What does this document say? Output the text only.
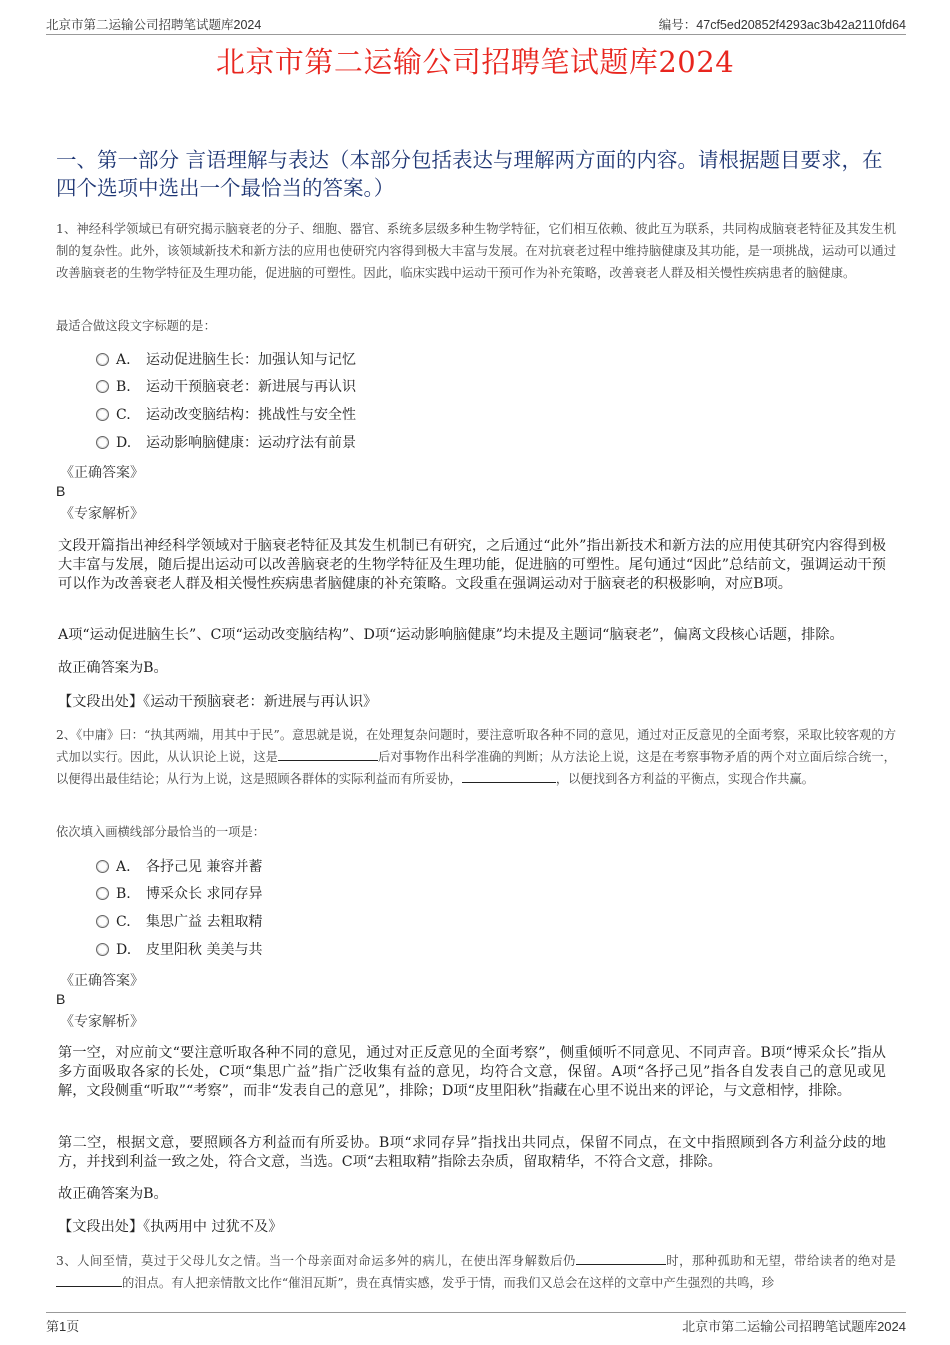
北京市第二运输公司招聘笔试题库2024	编号：47cf5ed20852f4293ac3b42a2110fd64
北京市第二运输公司招聘笔试题库2024
一、第一部分 言语理解与表达（本部分包括表达与理解两方面的内容。请根据题目要求，在四个选项中选出一个最恰当的答案。）
1、神经科学领域已有研究揭示脑衰老的分子、细胞、器官、系统多层级多种生物学特征，它们相互依赖、彼此互为联系，共同构成脑衰老特征及其发生机制的复杂性。此外，该领域新技术和新方法的应用也使研究内容得到极大丰富与发展。在对抗衰老过程中维持脑健康及其功能，是一项挑战，运动可以通过改善脑衰老的生物学特征及生理功能，促进脑的可塑性。因此，临床实践中运动干预可作为补充策略，改善衰老人群及相关慢性疾病患者的脑健康。
最适合做这段文字标题的是：
A. 运动促进脑生长：加强认知与记忆
B. 运动干预脑衰老：新进展与再认识
C. 运动改变脑结构：挑战性与安全性
D. 运动影响脑健康：运动疗法有前景
《正确答案》
B
《专家解析》
文段开篇指出神经科学领域对于脑衰老特征及其发生机制已有研究，之后通过“此外”指出新技术和新方法的应用使其研究内容得到极大丰富与发展，随后提出运动可以改善脑衰老的生物学特征及生理功能，促进脑的可塑性。尾句通过“因此”总结前文，强调运动干预可以作为改善衰老人群及相关慢性疾病患者脑健康的补充策略。文段重在强调运动对于脑衰老的积极影响，对应B项。
A项“运动促进脑生长”、C项“运动改变脑结构”、D项“运动影响脑健康”均未提及主题词“脑衰老”，偏离文段核心话题，排除。
故正确答案为B。
【文段出处】《运动干预脑衰老：新进展与再认识》
2、《中庸》曰：“执其两端，用其中于民”。意思就是说，在处理复杂问题时，要注意听取各种不同的意见，通过对正反意见的全面考察，采取比较客观的方式加以实行。因此，从认识论上说，这是	后对事物作出科学准确的判断；从方法论上说，这是在考察事物矛盾的两个对立面后综合统一，以便得出最佳结论；从行为上说，这是照顾各群体的实际利益而有所妥协，	，以便找到各方利益的平衡点，实现合作共赢。
依次填入画横线部分最恰当的一项是：
A. 各抒己见 兼容并蓄
B. 博采众长 求同存异
C. 集思广益 去粗取精
D. 皮里阳秋 美美与共
《正确答案》
B
《专家解析》
第一空，对应前文“要注意听取各种不同的意见，通过对正反意见的全面考察”，侧重倾听不同意见、不同声音。B项“博采众长”指从多方面吸取各家的长处，C项“集思广益”指广泛收集有益的意见，均符合文意，保留。A项“各抒己见”指各自发表自己的意见或见解，文段侧重“听取”“考察”，而非“发表自己的意见”，排除；D项“皮里阳秋”指藏在心里不说出来的评论，与文意相悖，排除。
第二空，根据文意，要照顾各方利益而有所妥协。B项“求同存异”指找出共同点，保留不同点，在文中指照顾到各方利益分歧的地方，并找到利益一致之处，符合文意，当选。C项“去粗取精”指除去杂质，留取精华，不符合文意，排除。
故正确答案为B。
【文段出处】《执两用中 过犹不及》
3、人间至情，莫过于父母儿女之情。当一个母亲面对命运多舛的病儿，在使出浑身解数后仍	时，那种孤助和无望，带给读者的绝对是的泪点。有人把亲情散文比作“催泪瓦斯”，贵在真情实感，发乎于情，而我们又总会在这样的文章中产生强烈的共鸣，珍
第1页	北京市第二运输公司招聘笔试题库2024
